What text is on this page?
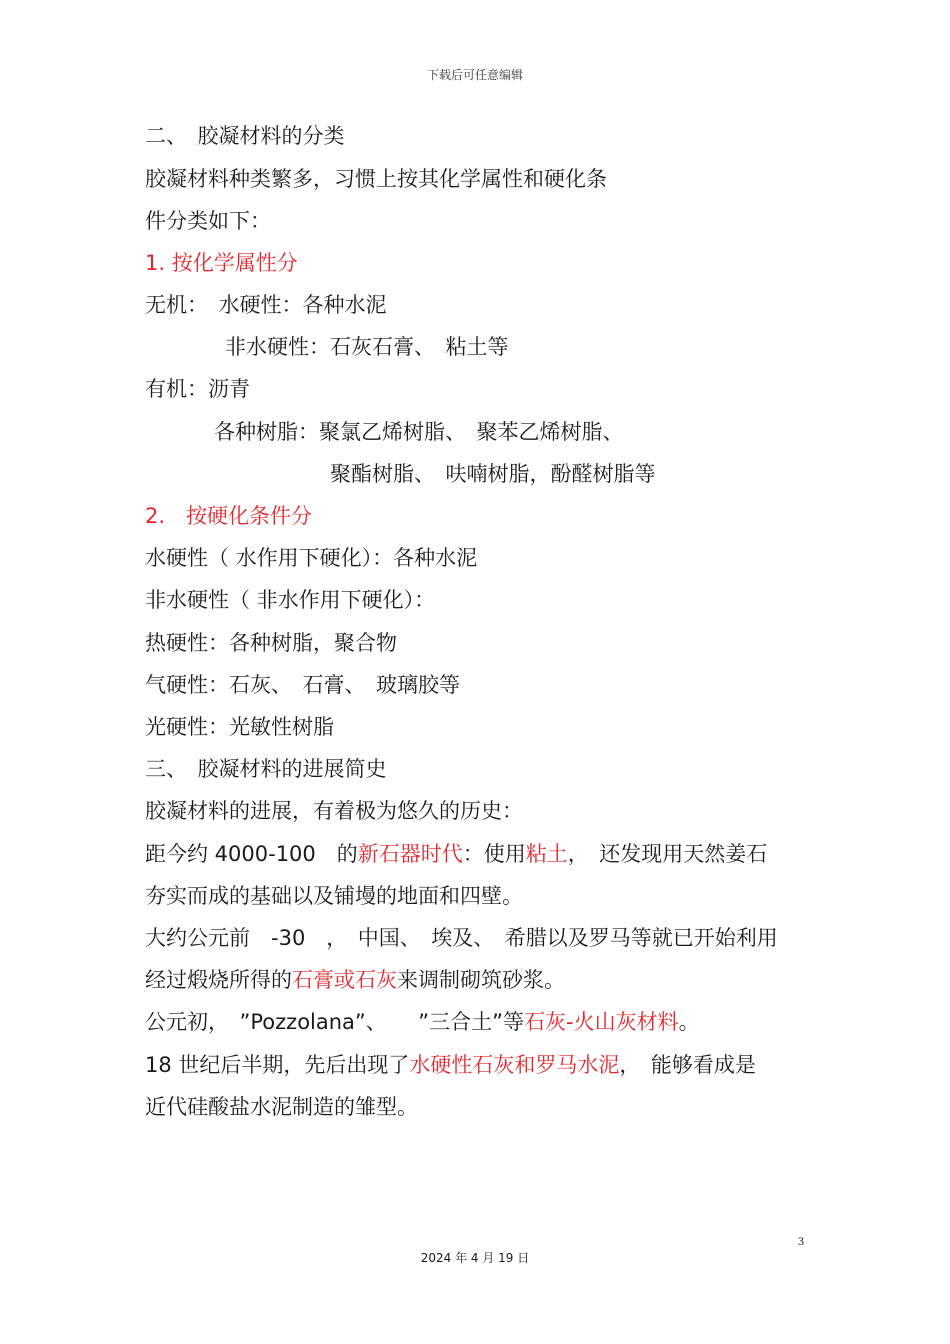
下载后可任意编辑
二、　胶凝材料的分类
胶凝材料种类繁多，习惯上按其化学属性和硬化条
件分类如下：
1. 按化学属性分
无机：　水硬性：各种水泥
非水硬性：石灰石膏、　粘土等
有机：沥青
各种树脂：聚氯乙烯树脂、　聚苯乙烯树脂、
聚酯树脂、　呋喃树脂，酚醛树脂等
2.　按硬化条件分
水硬性（ 水作用下硬化）：各种水泥
非水硬性（ 非水作用下硬化）：
热硬性：各种树脂，聚合物
气硬性：石灰、　石膏、　玻璃胶等
光硬性：光敏性树脂
三、　胶凝材料的进展简史
胶凝材料的进展，有着极为悠久的历史：
距今约 4000-100　的新石器时代：使用粘土，　还发现用天然姜石
夯实而成的基础以及铺墁的地面和四壁。
大约公元前　-30　，　中国、　埃及、　希腊以及罗马等就已开始利用
经过煅烧所得的石膏或石灰来调制砌筑砂浆。
公元初，　”Pozzolana”、　　”三合土”等石灰-火山灰材料。
18 世纪后半期，先后出现了水硬性石灰和罗马水泥，　能够看成是
近代硅酸盐水泥制造的雏型。
3
2024 年 4 月 19 日
